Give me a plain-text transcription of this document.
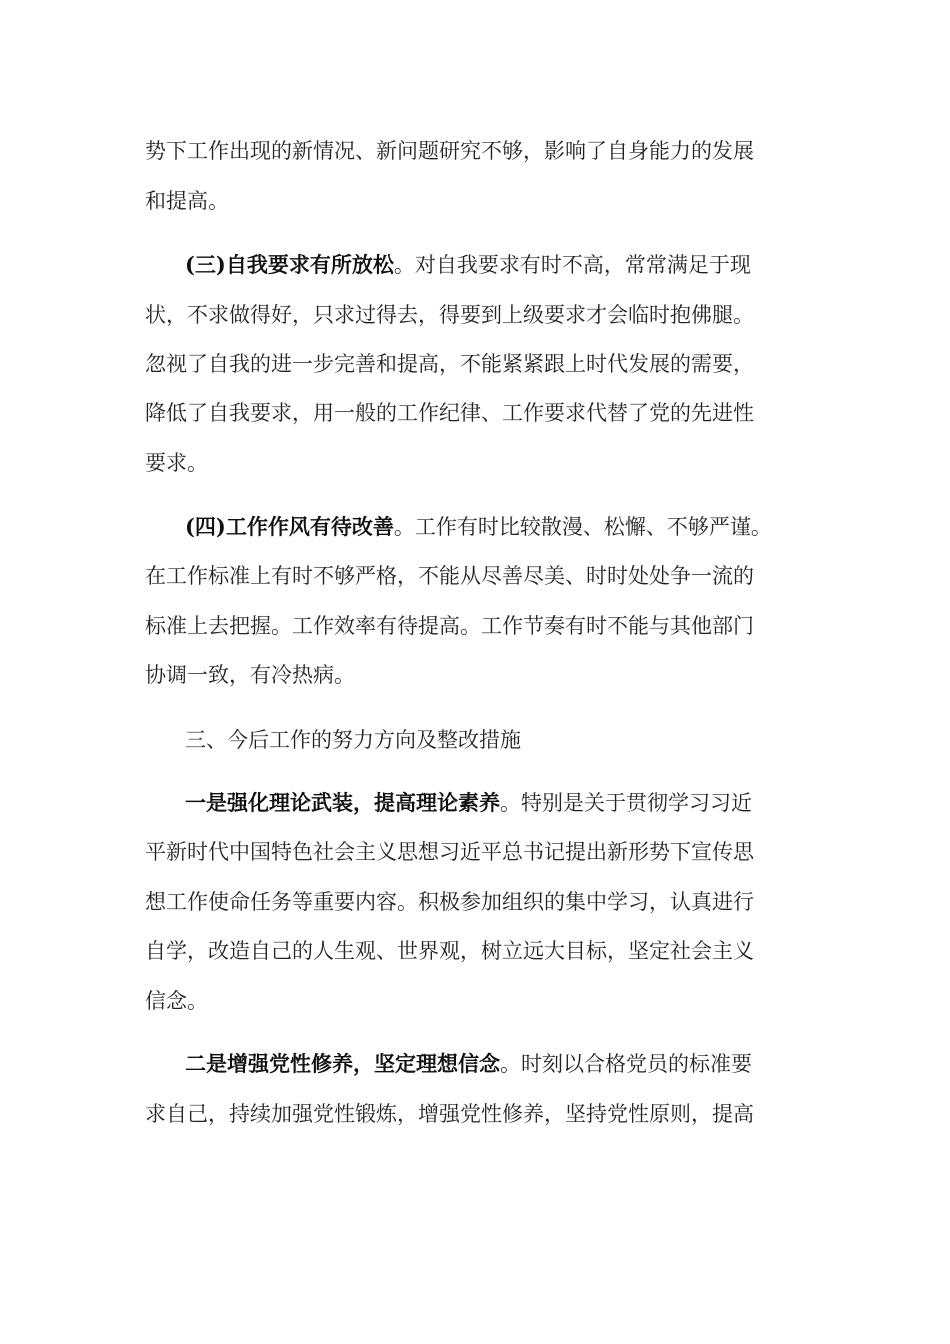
势下工作出现的新情况、新问题研究不够，影响了自身能力的发展
和提高。
(三)自我要求有所放松。对自我要求有时不高，常常满足于现
状，不求做得好，只求过得去，得要到上级要求才会临时抱佛腿。
忽视了自我的进一步完善和提高，不能紧紧跟上时代发展的需要，
降低了自我要求，用一般的工作纪律、工作要求代替了党的先进性
要求。
(四)工作作风有待改善。工作有时比较散漫、松懈、不够严谨。
在工作标准上有时不够严格，不能从尽善尽美、时时处处争一流的
标准上去把握。工作效率有待提高。工作节奏有时不能与其他部门
协调一致，有冷热病。
三、今后工作的努力方向及整改措施
一是强化理论武装，提高理论素养。特别是关于贯彻学习习近
平新时代中国特色社会主义思想习近平总书记提出新形势下宣传思
想工作使命任务等重要内容。积极参加组织的集中学习，认真进行
自学，改造自己的人生观、世界观，树立远大目标，坚定社会主义
信念。
二是增强党性修养，坚定理想信念。时刻以合格党员的标准要
求自己，持续加强党性锻炼，增强党性修养，坚持党性原则，提高
